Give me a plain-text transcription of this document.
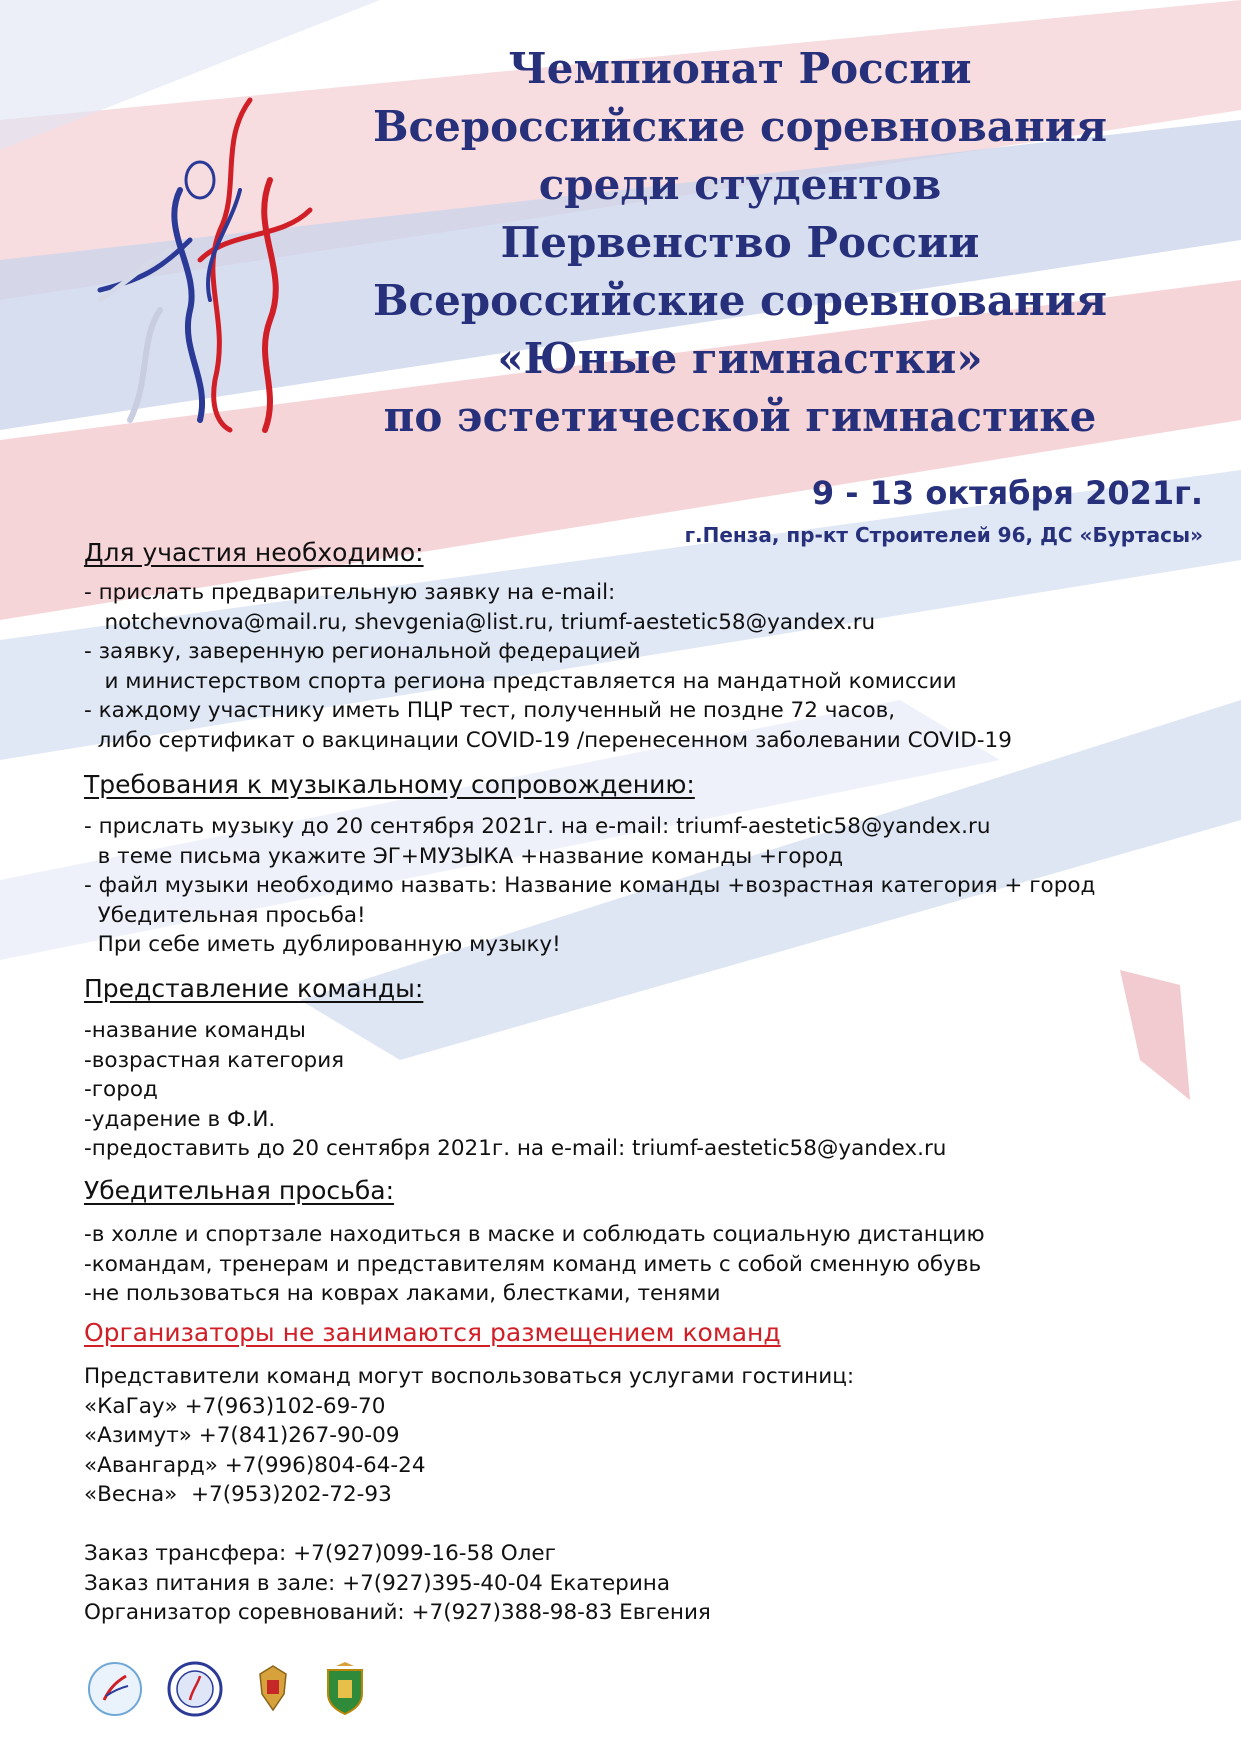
Чемпионат России
Всероссийские соревнования
среди студентов
Первенство России
Всероссийские соревнования
«Юные гимнастки»
по эстетической гимнастике
9 - 13 октября 2021г.
г.Пенза, пр-кт Строителей 96, ДС «Буртасы»
Для участия необходимо:
- прислать предварительную заявку на e-mail:
notchevnova@mail.ru, shevgenia@list.ru, triumf-aestetic58@yandex.ru
- заявку, заверенную региональной федерацией
и министерством спорта региона представляется на мандатной комиссии
- каждому участнику иметь ПЦР тест, полученный не поздне 72 часов,
либо сертификат о вакцинации COVID-19 /перенесенном заболевании COVID-19
Требования к музыкальному сопровождению:
- прислать музыку до 20 сентября 2021г. на e-mail: triumf-aestetic58@yandex.ru
в теме письма укажите ЭГ+МУЗЫКА +название команды +город
- файл музыки необходимо назвать: Название команды +возрастная категория + город
Убедительная просьба!
При себе иметь дублированную музыку!
Представление команды:
-название команды
-возрастная категория
-город
-ударение в Ф.И.
-предоставить до 20 сентября 2021г. на e-mail: triumf-aestetic58@yandex.ru
Убедительная просьба:
-в холле и спортзале находиться в маске и соблюдать социальную дистанцию
-командам, тренерам и представителям команд иметь с собой сменную обувь
-не пользоваться на коврах лаками, блестками, тенями
Организаторы не занимаются размещением команд
Представители команд могут воспользоваться услугами гостиниц:
«КаГау» +7(963)102-69-70
«Азимут» +7(841)267-90-09
«Авангард» +7(996)804-64-24
«Весна»  +7(953)202-72-93

Заказ трансфера: +7(927)099-16-58 Олег
Заказ питания в зале: +7(927)395-40-04 Екатерина
Организатор соревнований: +7(927)388-98-83 Евгения
